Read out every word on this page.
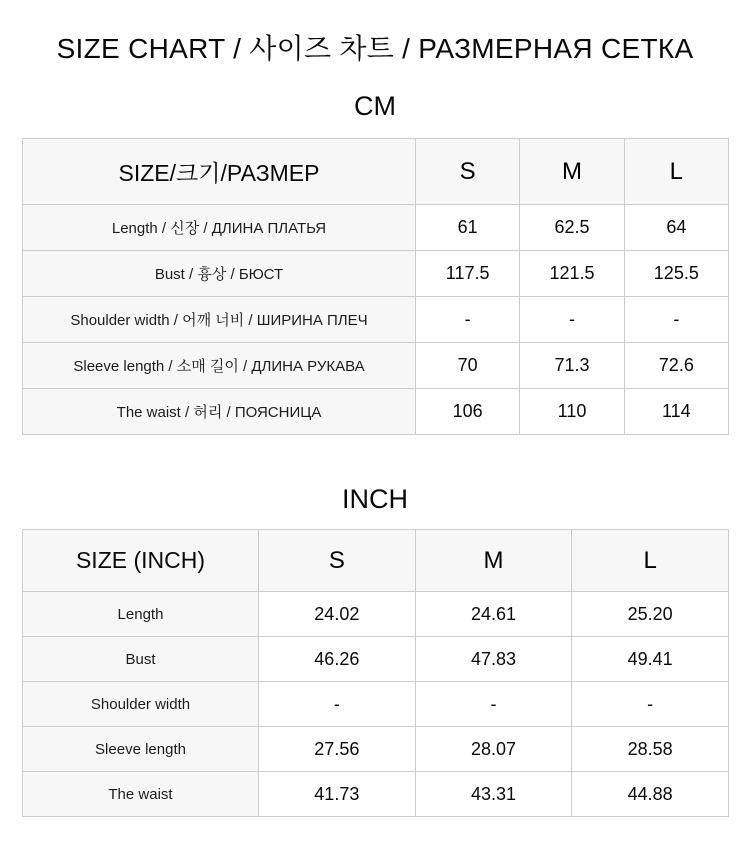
SIZE CHART / 사이즈 차트 / РАЗМЕРНАЯ СЕТКА
CM
SIZE/크기/РАЗМЕР	S	M	L
Length / 신장 / ДЛИНА ПЛАТЬЯ	61	62.5	64
Bust / 흉상 / БЮСТ	117.5	121.5	125.5
Shoulder width / 어깨 너비 / ШИРИНА ПЛЕЧ	-	-	-
Sleeve length / 소매 길이 / ДЛИНА РУКАВА	70	71.3	72.6
The waist / 허리 / ПОЯСНИЦА	106	110	114
INCH
SIZE (INCH)	S	M	L
Length	24.02	24.61	25.20
Bust	46.26	47.83	49.41
Shoulder width	-	-	-
Sleeve length	27.56	28.07	28.58
The waist	41.73	43.31	44.88
